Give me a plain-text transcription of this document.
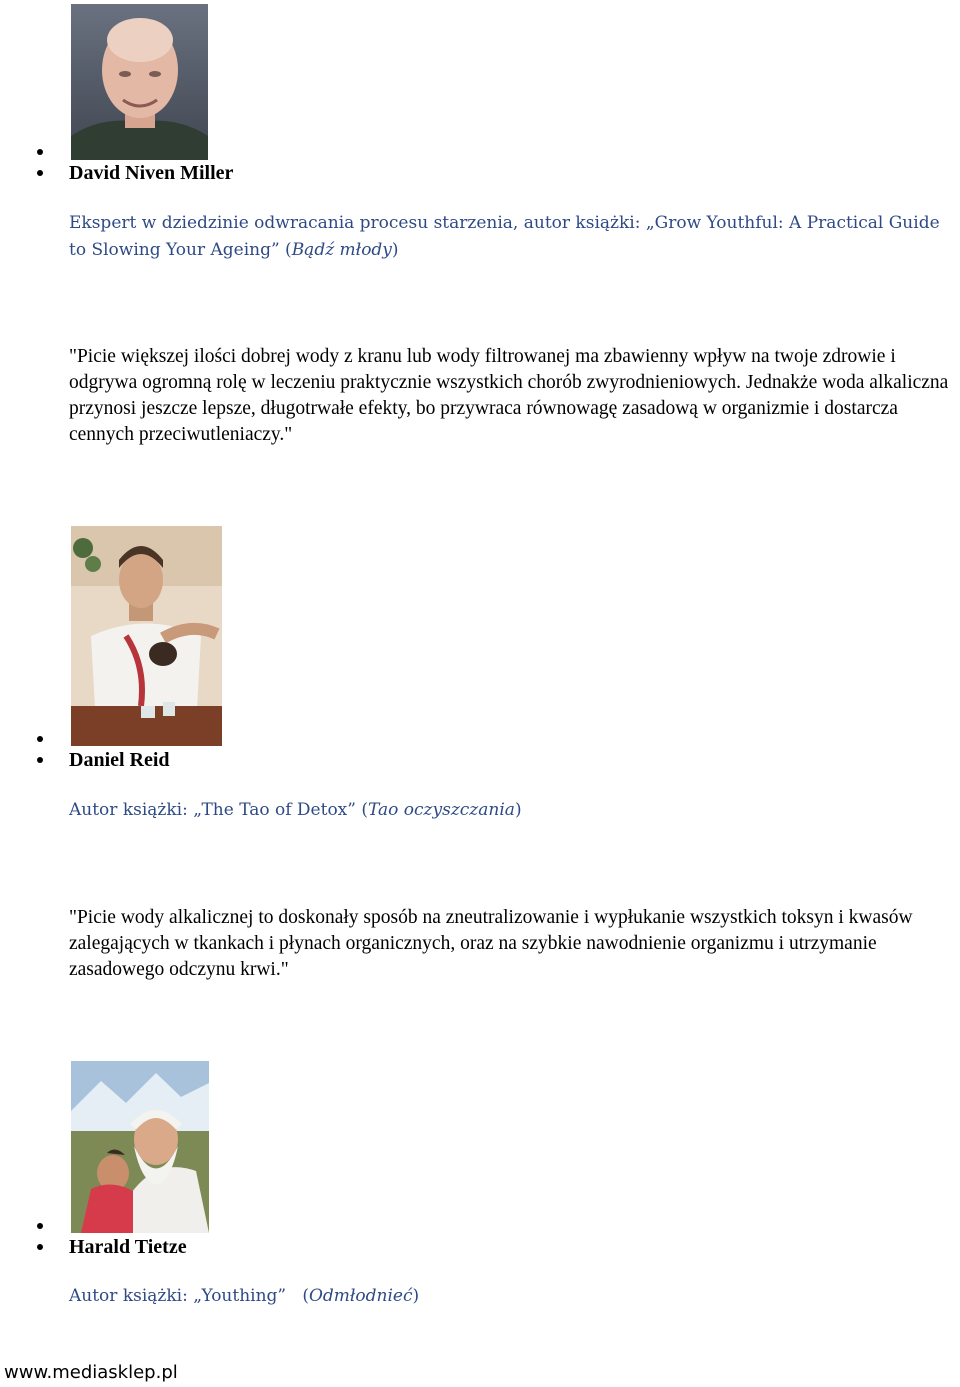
David Niven Miller
Ekspert w dziedzinie odwracania procesu starzenia, autor książki: „Grow Youthful: A Practical Guide to Slowing Your Ageing” (Bądź młody)
"Picie większej ilości dobrej wody z kranu lub wody filtrowanej ma zbawienny wpływ na twoje zdrowie i odgrywa ogromną rolę w leczeniu praktycznie wszystkich chorób zwyrodnieniowych. Jednakże woda alkaliczna przynosi jeszcze lepsze, długotrwałe efekty, bo przywraca równowagę zasadową w organizmie i dostarcza cennych przeciwutleniaczy."
Daniel Reid
Autor książki: „The Tao of Detox” (Tao oczyszczania)
"Picie wody alkalicznej to doskonały sposób na zneutralizowanie i wypłukanie wszystkich toksyn i kwasów zalegających w tkankach i płynach organicznych, oraz na szybkie nawodnienie organizmu i utrzymanie zasadowego odczynu krwi."
Harald Tietze
Autor książki: „Youthing”   (Odmłodnieć)
www.mediasklep.pl
